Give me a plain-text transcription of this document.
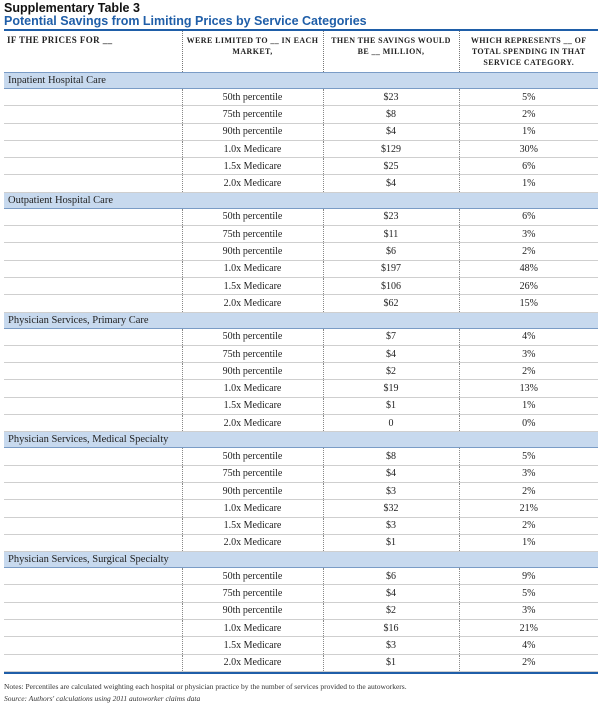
Supplementary Table 3
Potential Savings from Limiting Prices by Service Categories
IF THE PRICES FOR __	WERE LIMITED TO __ IN EACH MARKET,	THEN THE SAVINGS WOULD BE __ MILLION,	WHICH REPRESENTS __ OF TOTAL SPENDING IN THAT SERVICE CATEGORY.
Inpatient Hospital Care			
	50th percentile	$23	5%
	75th percentile	$8	2%
	90th percentile	$4	1%
	1.0x Medicare	$129	30%
	1.5x Medicare	$25	6%
	2.0x Medicare	$4	1%
Outpatient Hospital Care			
	50th percentile	$23	6%
	75th percentile	$11	3%
	90th percentile	$6	2%
	1.0x Medicare	$197	48%
	1.5x Medicare	$106	26%
	2.0x Medicare	$62	15%
Physician Services, Primary Care			
	50th percentile	$7	4%
	75th percentile	$4	3%
	90th percentile	$2	2%
	1.0x Medicare	$19	13%
	1.5x Medicare	$1	1%
	2.0x Medicare	0	0%
Physician Services, Medical Specialty			
	50th percentile	$8	5%
	75th percentile	$4	3%
	90th percentile	$3	2%
	1.0x Medicare	$32	21%
	1.5x Medicare	$3	2%
	2.0x Medicare	$1	1%
Physician Services, Surgical Specialty			
	50th percentile	$6	9%
	75th percentile	$4	5%
	90th percentile	$2	3%
	1.0x Medicare	$16	21%
	1.5x Medicare	$3	4%
	2.0x Medicare	$1	2%
Notes: Percentiles are calculated weighting each hospital or physician practice by the number of services provided to the autoworkers.
Source: Authors' calculations using 2011 autoworker claims data
